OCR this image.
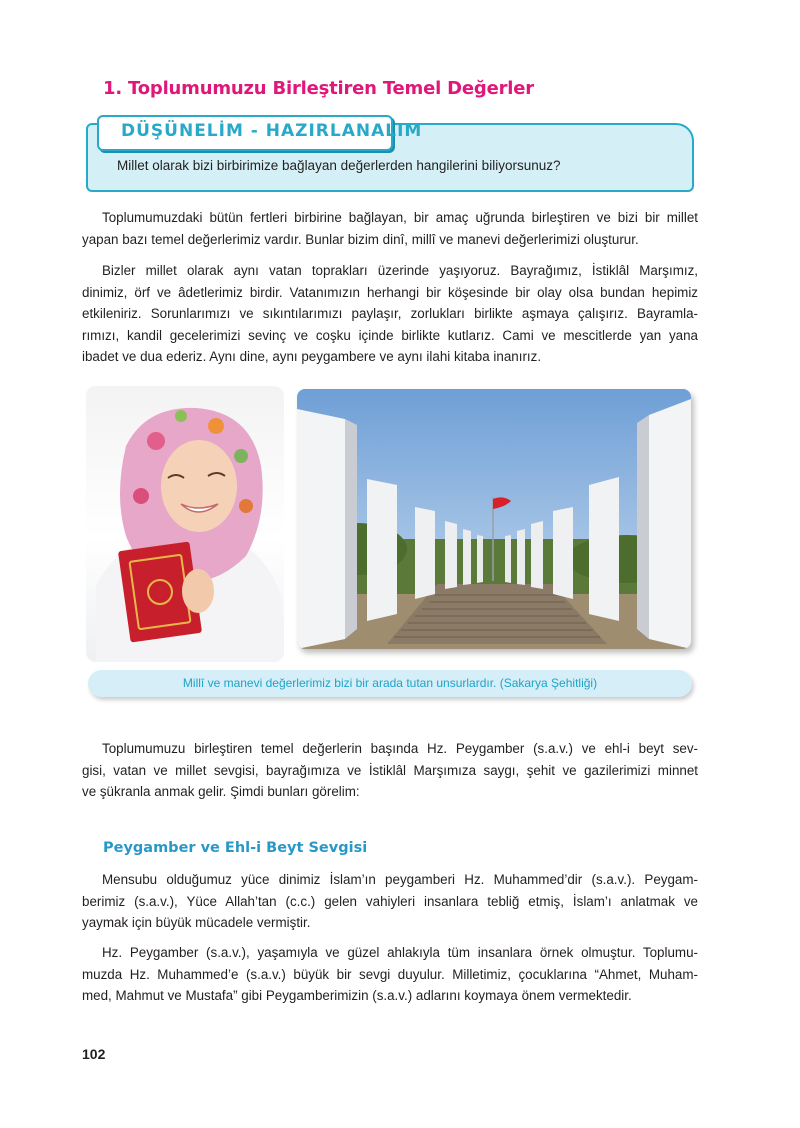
1. Toplumumuzu Birleştiren Temel Değerler
DÜŞÜNELİM - HAZIRLANALIM
Millet olarak bizi birbirimize bağlayan değerlerden hangilerini biliyorsunuz?
Toplumumuzdaki bütün fertleri birbirine bağlayan, bir amaç uğrunda birleştiren ve bizi bir millet
yapan bazı temel değerlerimiz vardır. Bunlar bizim dinî, millî ve manevi değerlerimizi oluşturur.
Bizler millet olarak aynı vatan toprakları üzerinde yaşıyoruz. Bayrağımız, İstiklâl Marşımız,
dinimiz, örf ve âdetlerimiz birdir. Vatanımızın herhangi bir köşesinde bir olay olsa bundan hepimiz
etkileniriz. Sorunlarımızı ve sıkıntılarımızı paylaşır, zorlukları birlikte aşmaya çalışırız. Bayramla-
rımızı, kandil gecelerimizi sevinç ve coşku içinde birlikte kutlarız. Cami ve mescitlerde yan yana
ibadet ve dua ederiz. Aynı dine, aynı peygambere ve aynı ilahi kitaba inanırız.
Millî ve manevi değerlerimiz bizi bir arada tutan unsurlardır. (Sakarya Şehitliği)
Toplumumuzu birleştiren temel değerlerin başında Hz. Peygamber (s.a.v.) ve ehl-i beyt sev-
gisi, vatan ve millet sevgisi, bayrağımıza ve İstiklâl Marşımıza saygı, şehit ve gazilerimizi minnet
ve şükranla anmak gelir. Şimdi bunları görelim:
Peygamber ve Ehl-i Beyt Sevgisi
Mensubu olduğumuz yüce dinimiz İslam’ın peygamberi Hz. Muhammed’dir (s.a.v.). Peygam-
berimiz (s.a.v.), Yüce Allah’tan (c.c.) gelen vahiyleri insanlara tebliğ etmiş, İslam’ı anlatmak ve
yaymak için büyük mücadele vermiştir.
Hz. Peygamber (s.a.v.), yaşamıyla ve güzel ahlakıyla tüm insanlara örnek olmuştur. Toplumu-
muzda Hz. Muhammed’e (s.a.v.) büyük bir sevgi duyulur. Milletimiz, çocuklarına “Ahmet, Muham-
med, Mahmut ve Mustafa” gibi Peygamberimizin (s.a.v.) adlarını koymaya önem vermektedir.
102
